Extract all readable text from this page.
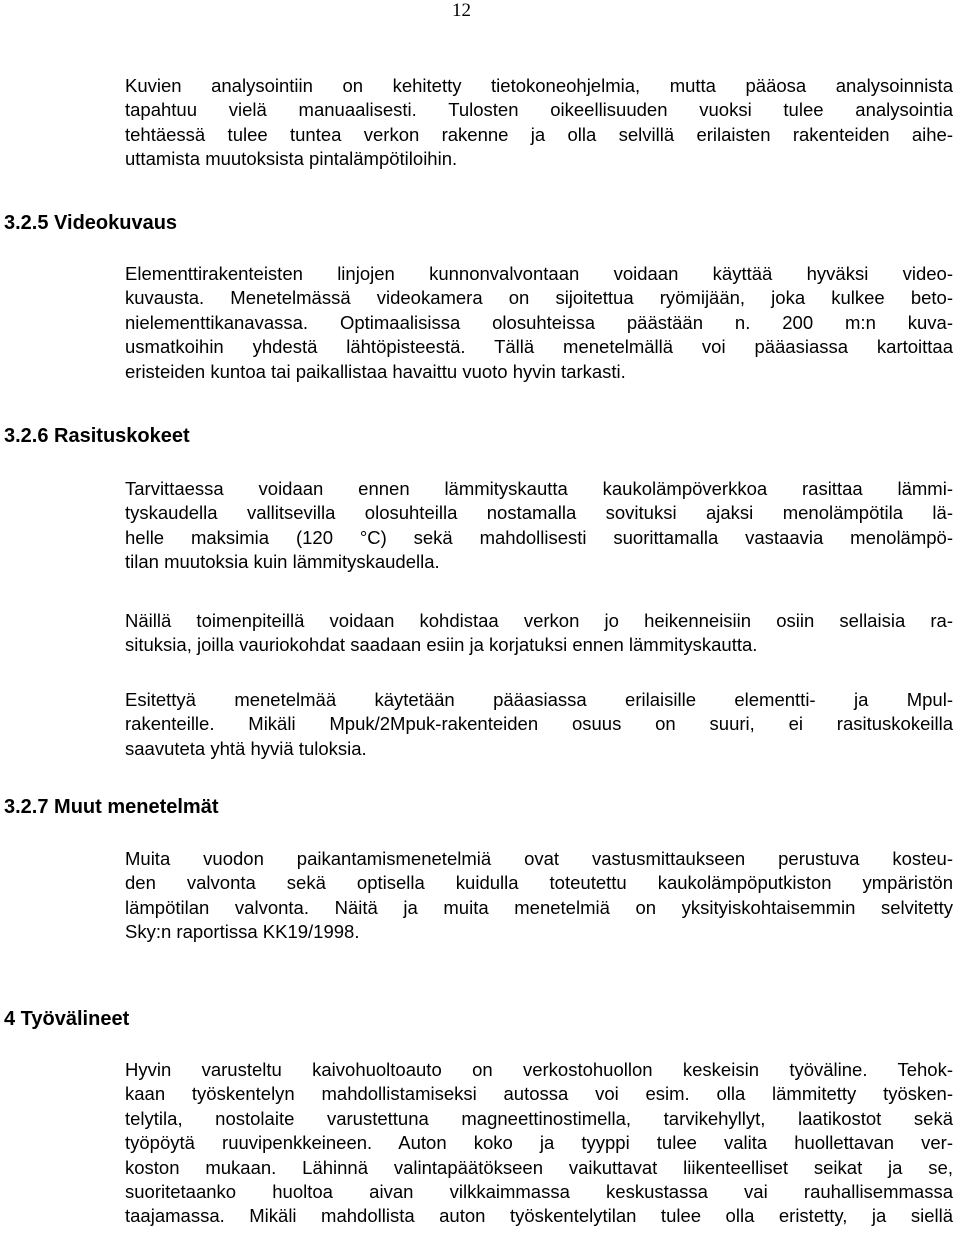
12
Kuvien analysointiin on kehitetty tietokoneohjelmia, mutta pääosa analysoinnista
tapahtuu vielä manuaalisesti. Tulosten oikeellisuuden vuoksi tulee analysointia
tehtäessä tulee tuntea verkon rakenne ja olla selvillä erilaisten rakenteiden aihe-
uttamista muutoksista pintalämpötiloihin.
3.2.5 Videokuvaus
Elementtirakenteisten linjojen kunnonvalvontaan voidaan käyttää hyväksi video-
kuvausta. Menetelmässä videokamera on sijoitettua ryömijään, joka kulkee beto-
nielementtikanavassa. Optimaalisissa olosuhteissa päästään n. 200 m:n kuva-
usmatkoihin yhdestä lähtöpisteestä. Tällä menetelmällä voi pääasiassa kartoittaa
eristeiden kuntoa tai paikallistaa havaittu vuoto hyvin tarkasti.
3.2.6 Rasituskokeet
Tarvittaessa voidaan ennen lämmityskautta kaukolämpöverkkoa rasittaa lämmi-
tyskaudella vallitsevilla olosuhteilla nostamalla sovituksi ajaksi menolämpötila lä-
helle maksimia (120 °C) sekä mahdollisesti suorittamalla vastaavia menolämpö-
tilan muutoksia kuin lämmityskaudella.
Näillä toimenpiteillä voidaan kohdistaa verkon jo heikenneisiin osiin sellaisia ra-
situksia, joilla vauriokohdat saadaan esiin ja korjatuksi ennen lämmityskautta.
Esitettyä menetelmää käytetään pääasiassa erilaisille elementti- ja Mpul-
rakenteille. Mikäli Mpuk/2Mpuk-rakenteiden osuus on suuri, ei rasituskokeilla
saavuteta yhtä hyviä tuloksia.
3.2.7 Muut menetelmät
Muita vuodon paikantamismenetelmiä ovat vastusmittaukseen perustuva kosteu-
den valvonta sekä optisella kuidulla toteutettu kaukolämpöputkiston ympäristön
lämpötilan valvonta. Näitä ja muita menetelmiä on yksityiskohtaisemmin selvitetty
Sky:n raportissa KK19/1998.
4 Työvälineet
Hyvin varusteltu kaivohuoltoauto on verkostohuollon keskeisin työväline. Tehok-
kaan työskentelyn mahdollistamiseksi autossa voi esim. olla lämmitetty työsken-
telytila, nostolaite varustettuna magneettinostimella, tarvikehyllyt, laatikostot sekä
työpöytä ruuvipenkkeineen. Auton koko ja tyyppi tulee valita huollettavan ver-
koston mukaan. Lähinnä valintapäätökseen vaikuttavat liikenteelliset seikat ja se,
suoritetaanko huoltoa aivan vilkkaimmassa keskustassa vai rauhallisemmassa
taajamassa. Mikäli mahdollista auton työskentelytilan tulee olla eristetty, ja siellä
